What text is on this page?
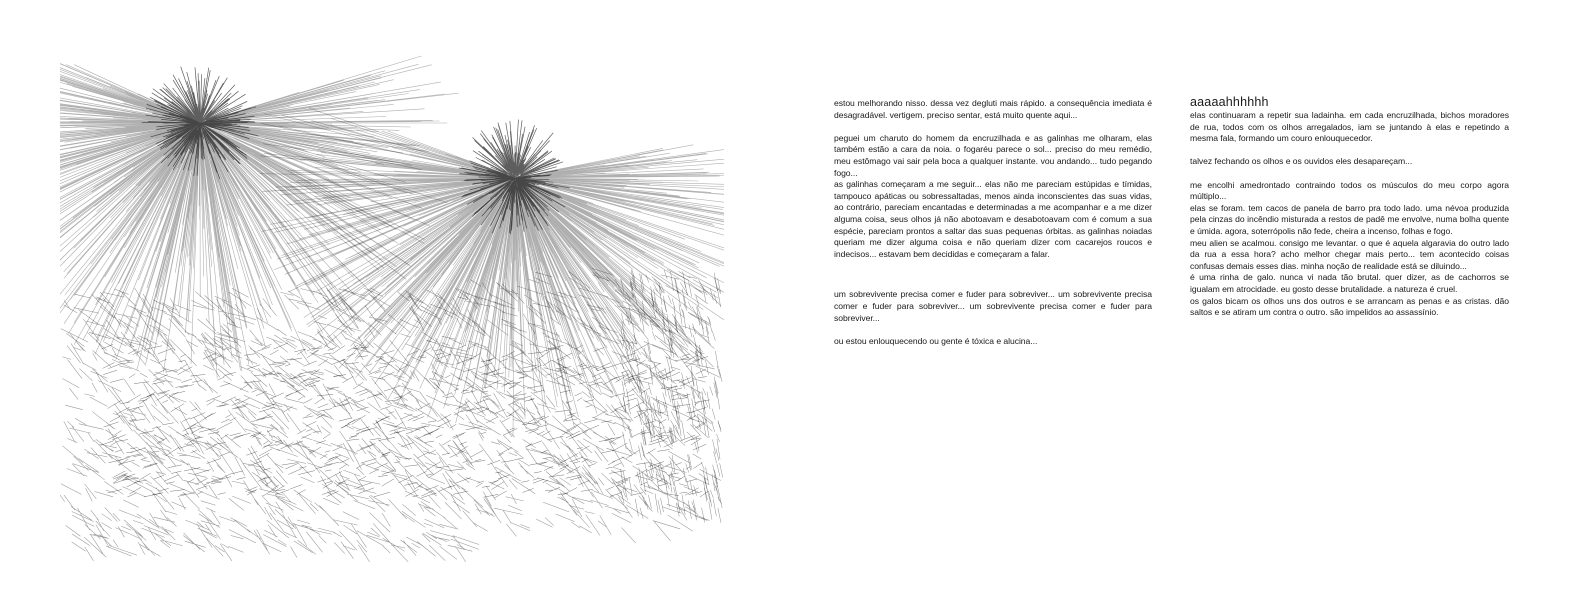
estou melhorando nisso. dessa vez degluti mais rápido. a consequência imediata é desagradável. vertigem. preciso sentar, está muito quente aqui...

peguei um charuto do homem da encruzilhada e as galinhas me olharam, elas também estão a cara da noia. o fogaréu parece o sol... preciso do meu remédio, meu estômago vai sair pela boca a qualquer instante. vou andando... tudo pegando fogo...
as galinhas começaram a me seguir... elas não me pareciam estúpidas e tímidas, tampouco apáticas ou sobressaltadas, menos ainda inconscientes das suas vidas, ao contrário, pareciam encantadas e determinadas a me acompanhar e a me dizer alguma coisa, seus olhos já não abotoavam e desabotoavam com é comum a sua espécie, pareciam prontos a saltar das suas pequenas órbitas. as galinhas noiadas queriam me dizer alguma coisa e não queriam dizer com cacarejos roucos e indecisos... estavam bem decididas e começaram a falar.

um sobrevivente precisa comer e fuder para sobreviver... um sobrevivente precisa comer e fuder para sobreviver... um sobrevivente precisa comer e fuder para sobreviver...

ou estou enlouquecendo ou gente é tóxica e alucina...

aaaaahhhhhh

elas continuaram a repetir sua ladainha. em cada encruzilhada, bichos moradores de rua, todos com os olhos arregalados, iam se juntando à elas e repetindo a mesma fala, formando um couro enlouquecedor.

talvez fechando os olhos e os ouvidos eles desapareçam...

me encolhi amedrontado contraindo todos os músculos do meu corpo agora múltiplo...
elas se foram. tem cacos de panela de barro pra todo lado. uma névoa produzida pela cinzas do incêndio misturada a restos de padê me envolve, numa bolha quente e úmida. agora, soterrópolis não fede, cheira a incenso, folhas e fogo.
meu alien se acalmou. consigo me levantar. o que é aquela algaravia do outro lado da rua a essa hora? acho melhor chegar mais perto... tem acontecido coisas confusas demais esses dias. minha noção de realidade está se diluindo...
é uma rinha de galo. nunca vi nada tão brutal. quer dizer, as de cachorros se igualam em atrocidade. eu gosto desse brutalidade. a natureza é cruel.
os galos bicam os olhos uns dos outros e se arrancam as penas e as cristas. dão saltos e se atiram um contra o outro. são impelidos ao assassínio.
